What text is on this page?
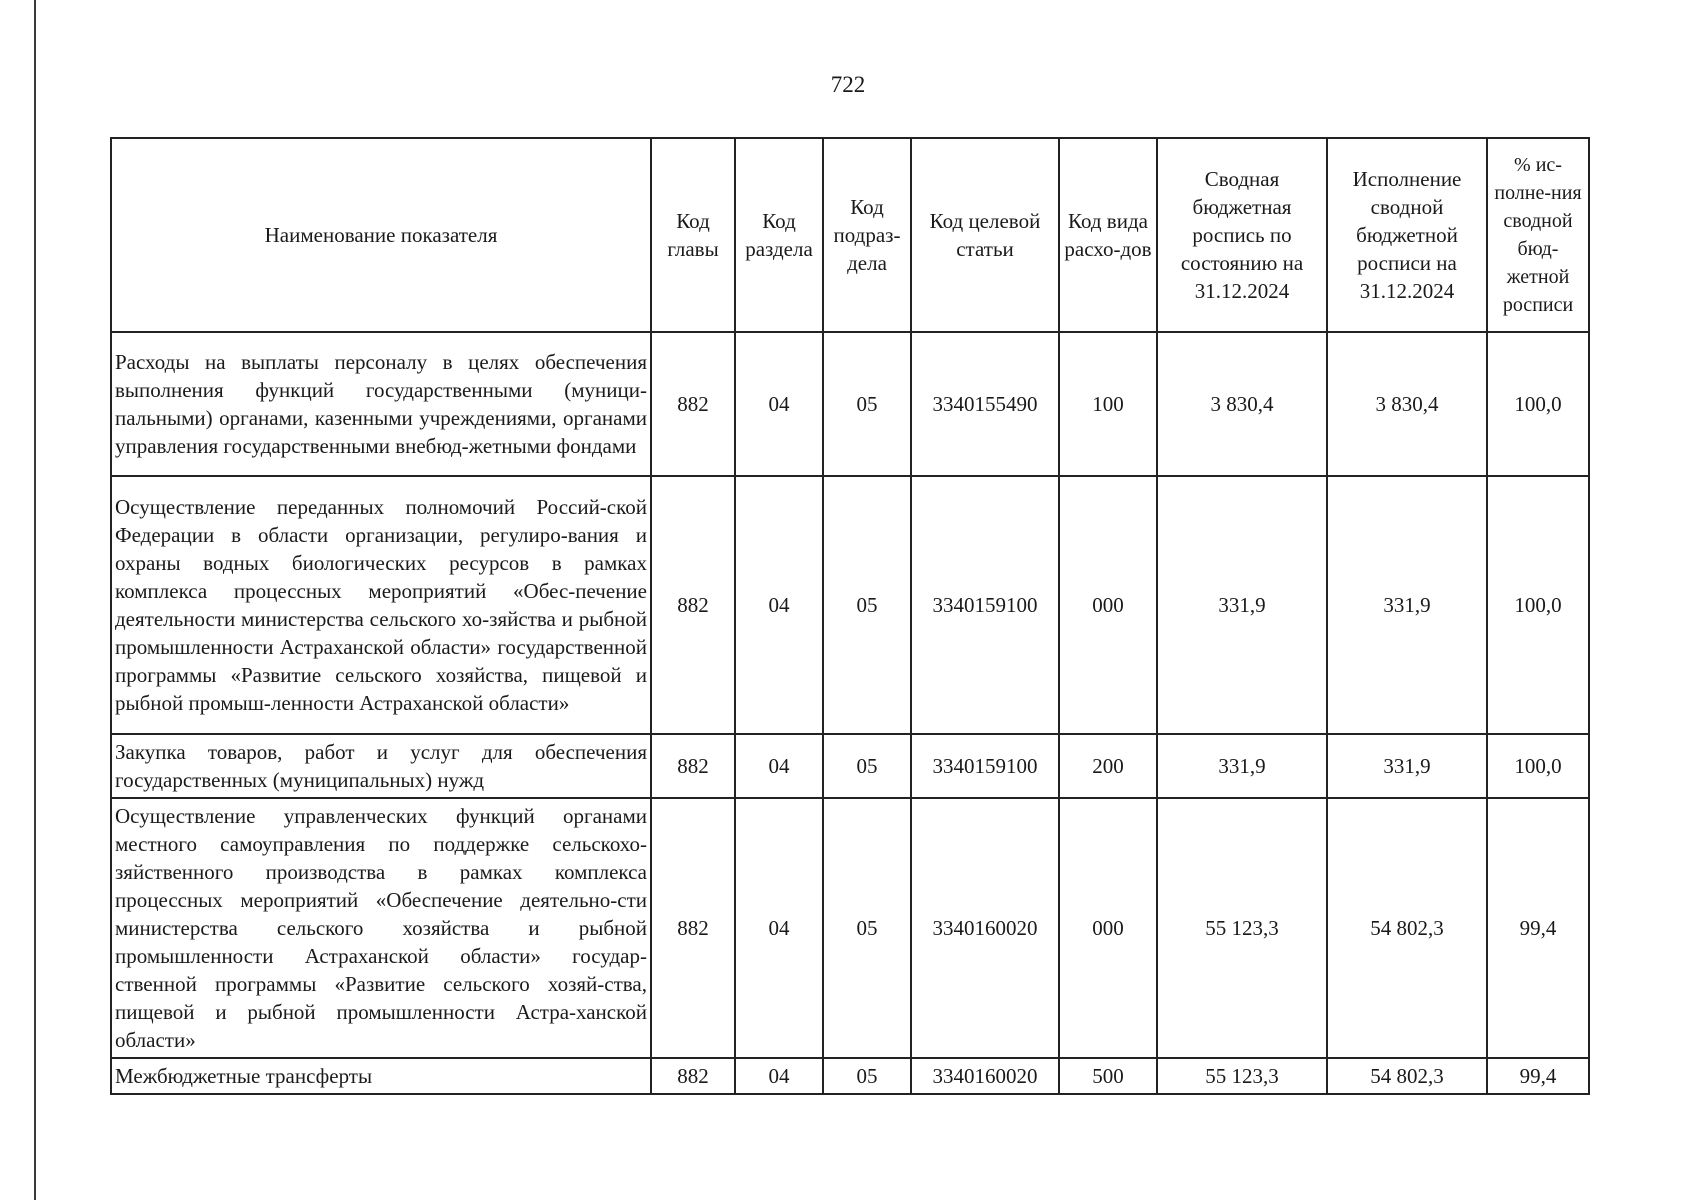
722
Наименование показателя	Код главы	Код раздела	Код подраз-дела	Код целевой статьи	Код вида расхо-дов	Сводная бюджетная роспись по состоянию на 31.12.2024	Исполнение сводной бюджетной росписи на 31.12.2024	% ис-полне-ния сводной бюд-жетной росписи
Расходы на выплаты персоналу в целях обеспечения выполнения функций государственными (муници-пальными) органами, казенными учреждениями, органами управления государственными внебюд-жетными фондами	882	04	05	3340155490	100	3 830,4	3 830,4	100,0
Осуществление переданных полномочий Россий-ской Федерации в области организации, регулиро-вания и охраны водных биологических ресурсов в рамках комплекса процессных мероприятий «Обес-печение деятельности министерства сельского хо-зяйства и рыбной промышленности Астраханской области» государственной программы «Развитие сельского хозяйства, пищевой и рыбной промыш-ленности Астраханской области»	882	04	05	3340159100	000	331,9	331,9	100,0
Закупка товаров, работ и услуг для обеспечения государственных (муниципальных) нужд	882	04	05	3340159100	200	331,9	331,9	100,0
Осуществление управленческих функций органами местного самоуправления по поддержке сельскохо-зяйственного производства в рамках комплекса процессных мероприятий «Обеспечение деятельно-сти министерства сельского хозяйства и рыбной промышленности Астраханской области» государ-ственной программы «Развитие сельского хозяй-ства, пищевой и рыбной промышленности Астра-ханской области»	882	04	05	3340160020	000	55 123,3	54 802,3	99,4
Межбюджетные трансферты	882	04	05	3340160020	500	55 123,3	54 802,3	99,4
